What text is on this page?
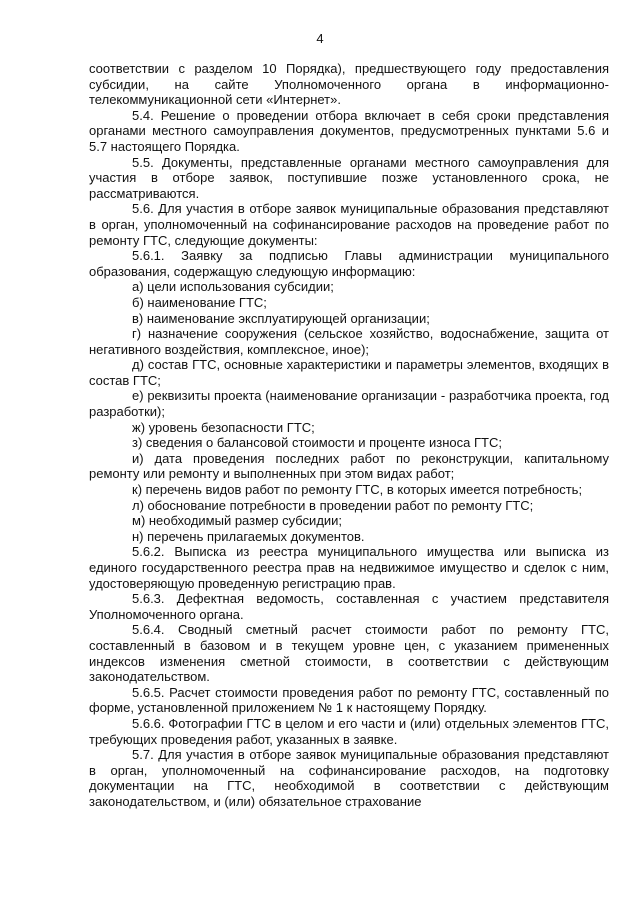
4

соответствии с разделом 10 Порядка), предшествующего году предоставления субсидии, на сайте Уполномоченного органа в информационно-телекоммуникационной сети «Интернет».

5.4. Решение о проведении отбора включает в себя сроки представления органами местного самоуправления документов, предусмотренных пунктами 5.6 и 5.7 настоящего Порядка.

5.5. Документы, представленные органами местного самоуправления для участия в отборе заявок, поступившие позже установленного срока, не рассматриваются.

5.6. Для участия в отборе заявок муниципальные образования представляют в орган, уполномоченный на софинансирование расходов на проведение работ по ремонту ГТС, следующие документы:

5.6.1. Заявку за подписью Главы администрации муниципального образования, содержащую следующую информацию:

а) цели использования субсидии;

б) наименование ГТС;

в) наименование эксплуатирующей организации;

г) назначение сооружения (сельское хозяйство, водоснабжение, защита от негативного воздействия, комплексное, иное);

д) состав ГТС, основные характеристики и параметры элементов, входящих в состав ГТС;

е) реквизиты проекта (наименование организации - разработчика проекта, год разработки);

ж) уровень безопасности ГТС;

з) сведения о балансовой стоимости и проценте износа ГТС;

и) дата проведения последних работ по реконструкции, капитальному ремонту или ремонту и выполненных при этом видах работ;

к) перечень видов работ по ремонту ГТС, в которых имеется потребность;

л) обоснование потребности в проведении работ по ремонту ГТС;

м) необходимый размер субсидии;

н) перечень прилагаемых документов.

5.6.2. Выписка из реестра муниципального имущества или выписка из единого государственного реестра прав на недвижимое имущество и сделок с ним, удостоверяющую проведенную регистрацию прав.

5.6.3. Дефектная ведомость, составленная с участием представителя Уполномоченного органа.

5.6.4. Сводный сметный расчет стоимости работ по ремонту ГТС, составленный в базовом и в текущем уровне цен, с указанием примененных индексов изменения сметной стоимости, в соответствии с действующим законодательством.

5.6.5. Расчет стоимости проведения работ по ремонту ГТС, составленный по форме, установленной приложением № 1 к настоящему Порядку.

5.6.6. Фотографии ГТС в целом и его части и (или) отдельных элементов ГТС, требующих проведения работ, указанных в заявке.

5.7. Для участия в отборе заявок муниципальные образования представляют в орган, уполномоченный на софинансирование расходов, на подготовку документации на ГТС, необходимой в соответствии с действующим законодательством, и (или) обязательное страхование
